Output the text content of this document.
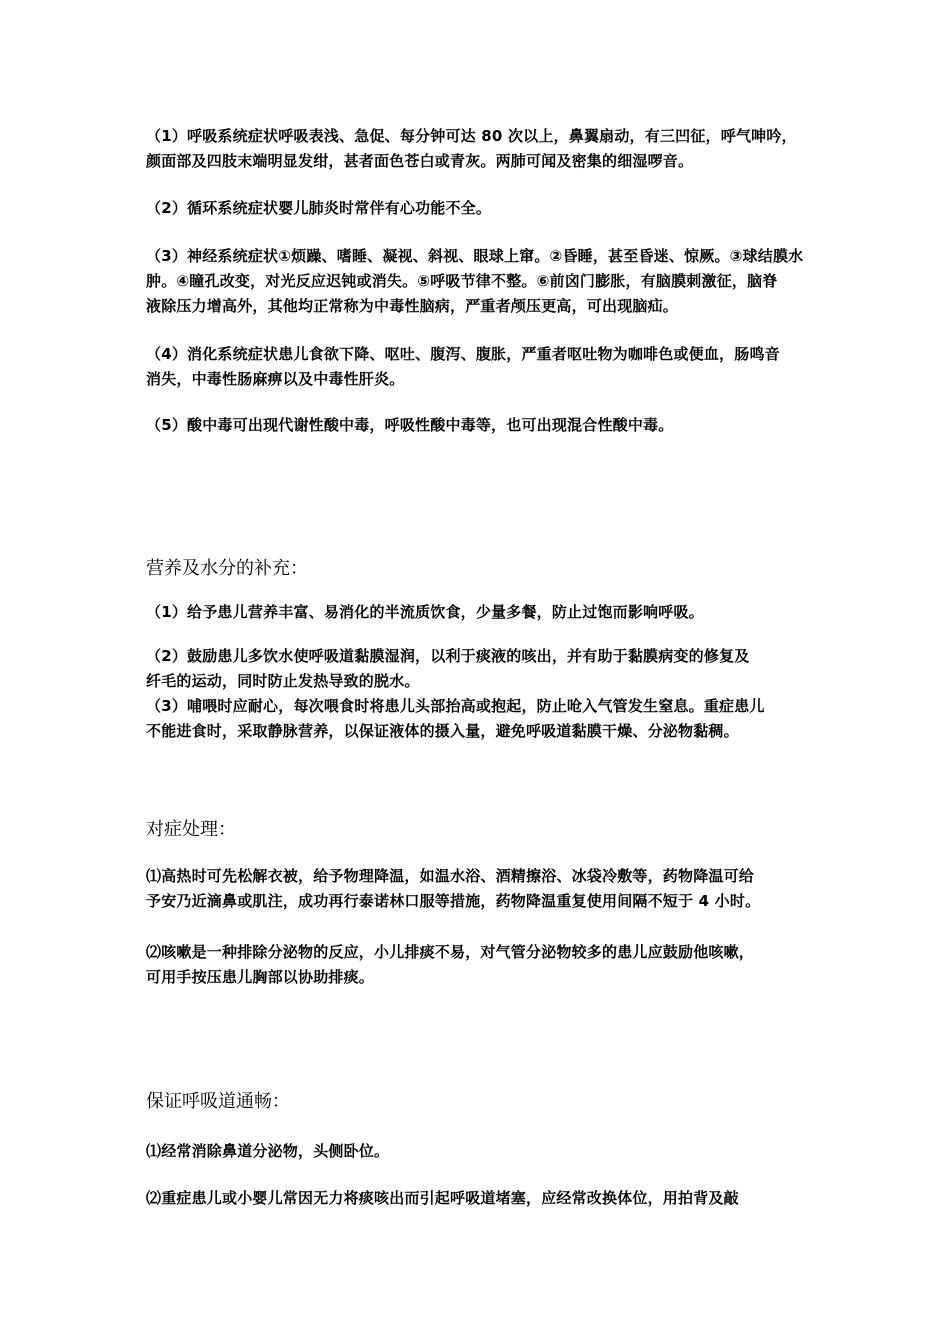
（1）呼吸系统症状呼吸表浅、急促、每分钟可达 80 次以上，鼻翼扇动，有三凹征，呼气呻吟，
颜面部及四肢末端明显发绀，甚者面色苍白或青灰。两肺可闻及密集的细湿啰音。

（2）循环系统症状婴儿肺炎时常伴有心功能不全。

（3）神经系统症状①烦躁、嗜睡、凝视、斜视、眼球上窜。②昏睡，甚至昏迷、惊厥。③球结膜水
肿。④瞳孔改变，对光反应迟钝或消失。⑤呼吸节律不整。⑥前囟门膨胀，有脑膜刺激征，脑脊
液除压力增高外，其他均正常称为中毒性脑病，严重者颅压更高，可出现脑疝。

（4）消化系统症状患儿食欲下降、呕吐、腹泻、腹胀，严重者呕吐物为咖啡色或便血，肠鸣音
消失，中毒性肠麻痹以及中毒性肝炎。

（5）酸中毒可出现代谢性酸中毒，呼吸性酸中毒等，也可出现混合性酸中毒。

营养及水分的补充：

（1）给予患儿营养丰富、易消化的半流质饮食，少量多餐，防止过饱而影响呼吸。

（2）鼓励患儿多饮水使呼吸道黏膜湿润，以利于痰液的咳出，并有助于黏膜病变的修复及
纤毛的运动，同时防止发热导致的脱水。
（3）哺喂时应耐心，每次喂食时将患儿头部抬高或抱起，防止呛入气管发生窒息。重症患儿
不能进食时，采取静脉营养，以保证液体的摄入量，避免呼吸道黏膜干燥、分泌物黏稠。

对症处理：

⑴高热时可先松解衣被，给予物理降温，如温水浴、酒精擦浴、冰袋冷敷等，药物降温可给
予安乃近滴鼻或肌注，成功再行泰诺林口服等措施，药物降温重复使用间隔不短于 4 小时。

⑵咳嗽是一种排除分泌物的反应，小儿排痰不易，对气管分泌物较多的患儿应鼓励他咳嗽，
可用手按压患儿胸部以协助排痰。

保证呼吸道通畅：

⑴经常消除鼻道分泌物，头侧卧位。

⑵重症患儿或小婴儿常因无力将痰咳出而引起呼吸道堵塞，应经常改换体位，用拍背及敲
